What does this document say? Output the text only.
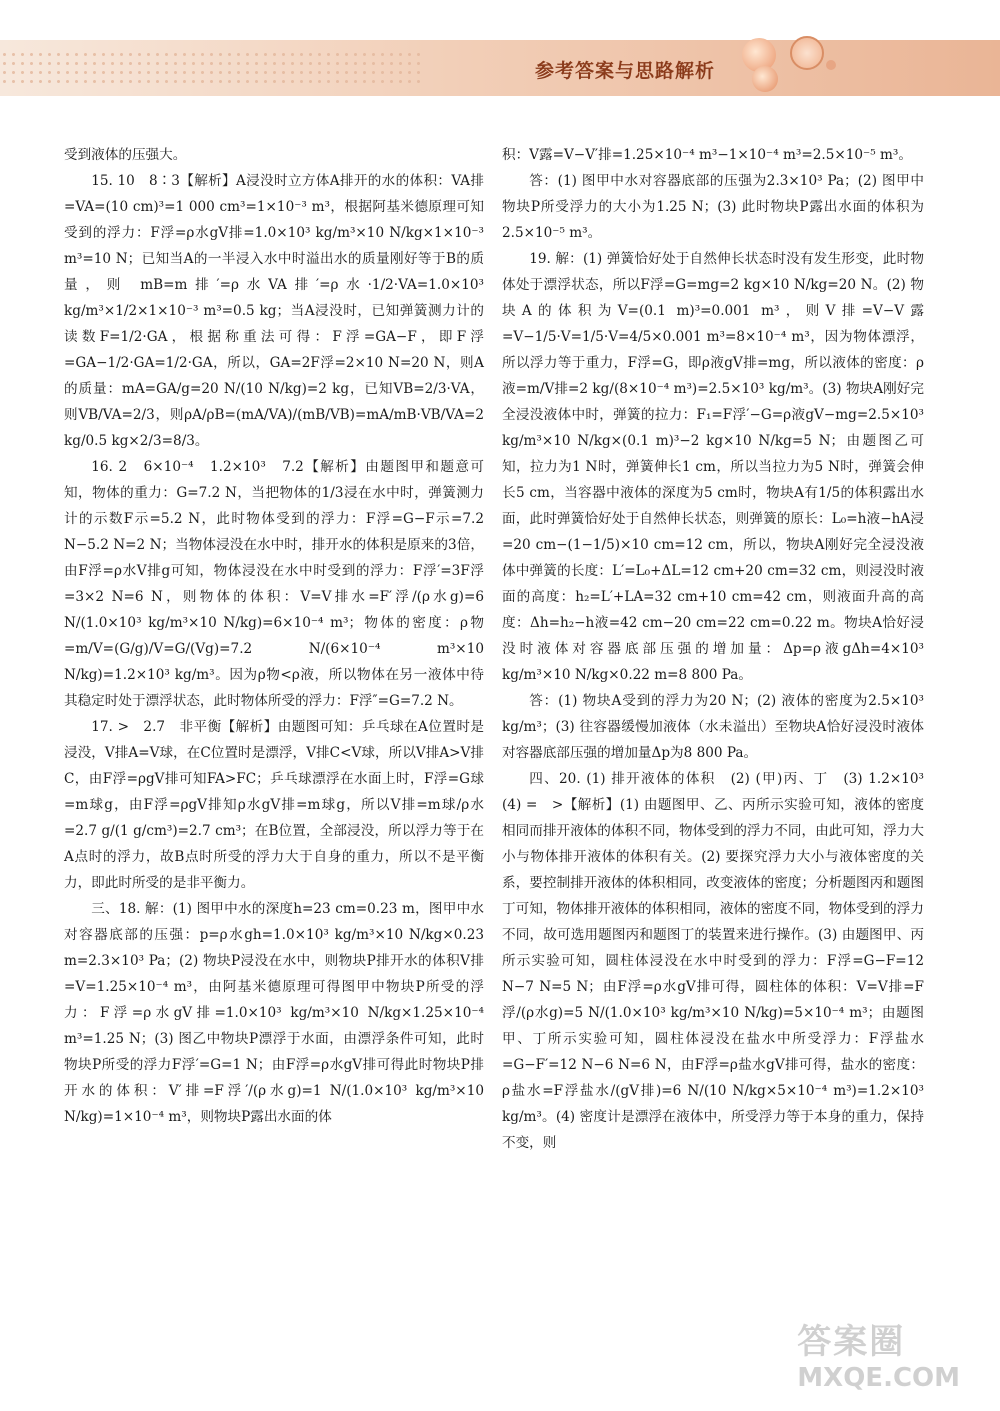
参考答案与思路解析

受到液体的压强大。

15. 10　8∶3【解析】A浸没时立方体A排开的水的体积：VA排=VA=(10 cm)³=1 000 cm³=1×10⁻³ m³，根据阿基米德原理可知受到的浮力：F浮=ρ水gV排=1.0×10³ kg/m³×10 N/kg×1×10⁻³ m³=10 N；已知当A的一半浸入水中时溢出水的质量刚好等于B的质量，则 mB=m排′=ρ水VA排′=ρ水·1/2·VA=1.0×10³ kg/m³×1/2×1×10⁻³ m³=0.5 kg；当A浸没时，已知弹簧测力计的读数F=1/2·GA，根据称重法可得：F浮=GA−F，即F浮=GA−1/2·GA=1/2·GA，所以，GA=2F浮=2×10 N=20 N，则A的质量：mA=GA/g=20 N/(10 N/kg)=2 kg，已知VB=2/3·VA，则VB/VA=2/3，则ρA/ρB=(mA/VA)/(mB/VB)=mA/mB·VB/VA=2 kg/0.5 kg×2/3=8/3。

16. 2　6×10⁻⁴　1.2×10³　7.2【解析】由题图甲和题意可知，物体的重力：G=7.2 N，当把物体的1/3浸在水中时，弹簧测力计的示数F示=5.2 N，此时物体受到的浮力：F浮=G−F示=7.2 N−5.2 N=2 N；当物体浸没在水中时，排开水的体积是原来的3倍，由F浮=ρ水V排g可知，物体浸没在水中时受到的浮力：F浮′=3F浮=3×2 N=6 N，则物体的体积：V=V排水=F′浮/(ρ水g)=6 N/(1.0×10³ kg/m³×10 N/kg)=6×10⁻⁴ m³；物体的密度：ρ物=m/V=(G/g)/V=G/(Vg)=7.2 N/(6×10⁻⁴ m³×10 N/kg)=1.2×10³ kg/m³。因为ρ物<ρ液，所以物体在另一液体中待其稳定时处于漂浮状态，此时物体所受的浮力：F浮″=G=7.2 N。

17. >　2.7　非平衡【解析】由题图可知：乒乓球在A位置时是浸没，V排A=V球，在C位置时是漂浮，V排C<V球，所以V排A>V排C，由F浮=ρgV排可知FA>FC；乒乓球漂浮在水面上时，F浮=G球=m球g，由F浮=ρgV排知ρ水gV排=m球g，所以V排=m球/ρ水=2.7 g/(1 g/cm³)=2.7 cm³；在B位置，全部浸没，所以浮力等于在A点时的浮力，故B点时所受的浮力大于自身的重力，所以不是平衡力，即此时所受的是非平衡力。

三、18. 解：(1) 图甲中水的深度h=23 cm=0.23 m，图甲中水对容器底部的压强：p=ρ水gh=1.0×10³ kg/m³×10 N/kg×0.23 m=2.3×10³ Pa；(2) 物块P浸没在水中，则物块P排开水的体积V排=V=1.25×10⁻⁴ m³，由阿基米德原理可得图甲中物块P所受的浮力：F浮=ρ水gV排=1.0×10³ kg/m³×10 N/kg×1.25×10⁻⁴ m³=1.25 N；(3) 图乙中物块P漂浮于水面，由漂浮条件可知，此时物块P所受的浮力F浮′=G=1 N；由F浮=ρ水gV排可得此时物块P排开水的体积：V′排=F浮′/(ρ水g)=1 N/(1.0×10³ kg/m³×10 N/kg)=1×10⁻⁴ m³，则物块P露出水面的体

积：V露=V−V′排=1.25×10⁻⁴ m³−1×10⁻⁴ m³=2.5×10⁻⁵ m³。

答：(1) 图甲中水对容器底部的压强为2.3×10³ Pa；(2) 图甲中物块P所受浮力的大小为1.25 N；(3) 此时物块P露出水面的体积为2.5×10⁻⁵ m³。

19. 解：(1) 弹簧恰好处于自然伸长状态时没有发生形变，此时物体处于漂浮状态，所以F浮=G=mg=2 kg×10 N/kg=20 N。(2) 物块A的体积为V=(0.1 m)³=0.001 m³，则V排=V−V露=V−1/5·V=1/5·V=4/5×0.001 m³=8×10⁻⁴ m³，因为物体漂浮，所以浮力等于重力，F浮=G，即ρ液gV排=mg，所以液体的密度：ρ液=m/V排=2 kg/(8×10⁻⁴ m³)=2.5×10³ kg/m³。(3) 物块A刚好完全浸没液体中时，弹簧的拉力：F₁=F浮′−G=ρ液gV−mg=2.5×10³ kg/m³×10 N/kg×(0.1 m)³−2 kg×10 N/kg=5 N；由题图乙可知，拉力为1 N时，弹簧伸长1 cm，所以当拉力为5 N时，弹簧会伸长5 cm，当容器中液体的深度为5 cm时，物块A有1/5的体积露出水面，此时弹簧恰好处于自然伸长状态，则弹簧的原长：L₀=h液−hA浸=20 cm−(1−1/5)×10 cm=12 cm，所以，物块A刚好完全浸没液体中弹簧的长度：L′=L₀+ΔL=12 cm+20 cm=32 cm，则浸没时液面的高度：h₂=L′+LA=32 cm+10 cm=42 cm，则液面升高的高度：Δh=h₂−h液=42 cm−20 cm=22 cm=0.22 m。物块A恰好浸没时液体对容器底部压强的增加量：Δp=ρ液gΔh=4×10³ kg/m³×10 N/kg×0.22 m=8 800 Pa。

答：(1) 物块A受到的浮力为20 N；(2) 液体的密度为2.5×10³ kg/m³；(3) 往容器缓慢加液体（水未溢出）至物块A恰好浸没时液体对容器底部压强的增加量Δp为8 800 Pa。

四、20. (1) 排开液体的体积　(2) (甲)丙、丁　(3) 1.2×10³　(4) =　>【解析】(1) 由题图甲、乙、丙所示实验可知，液体的密度相同而排开液体的体积不同，物体受到的浮力不同，由此可知，浮力大小与物体排开液体的体积有关。(2) 要探究浮力大小与液体密度的关系，要控制排开液体的体积相同，改变液体的密度；分析题图丙和题图丁可知，物体排开液体的体积相同，液体的密度不同，物体受到的浮力不同，故可选用题图丙和题图丁的装置来进行操作。(3) 由题图甲、丙所示实验可知，圆柱体浸没在水中时受到的浮力：F浮=G−F=12 N−7 N=5 N；由F浮=ρ水gV排可得，圆柱体的体积：V=V排=F浮/(ρ水g)=5 N/(1.0×10³ kg/m³×10 N/kg)=5×10⁻⁴ m³；由题图甲、丁所示实验可知，圆柱体浸没在盐水中所受浮力：F浮盐水=G−F′=12 N−6 N=6 N，由F浮=ρ盐水gV排可得，盐水的密度：ρ盐水=F浮盐水/(gV排)=6 N/(10 N/kg×5×10⁻⁴ m³)=1.2×10³ kg/m³。(4) 密度计是漂浮在液体中，所受浮力等于本身的重力，保持不变，则

答案圈
MXQE.COM
